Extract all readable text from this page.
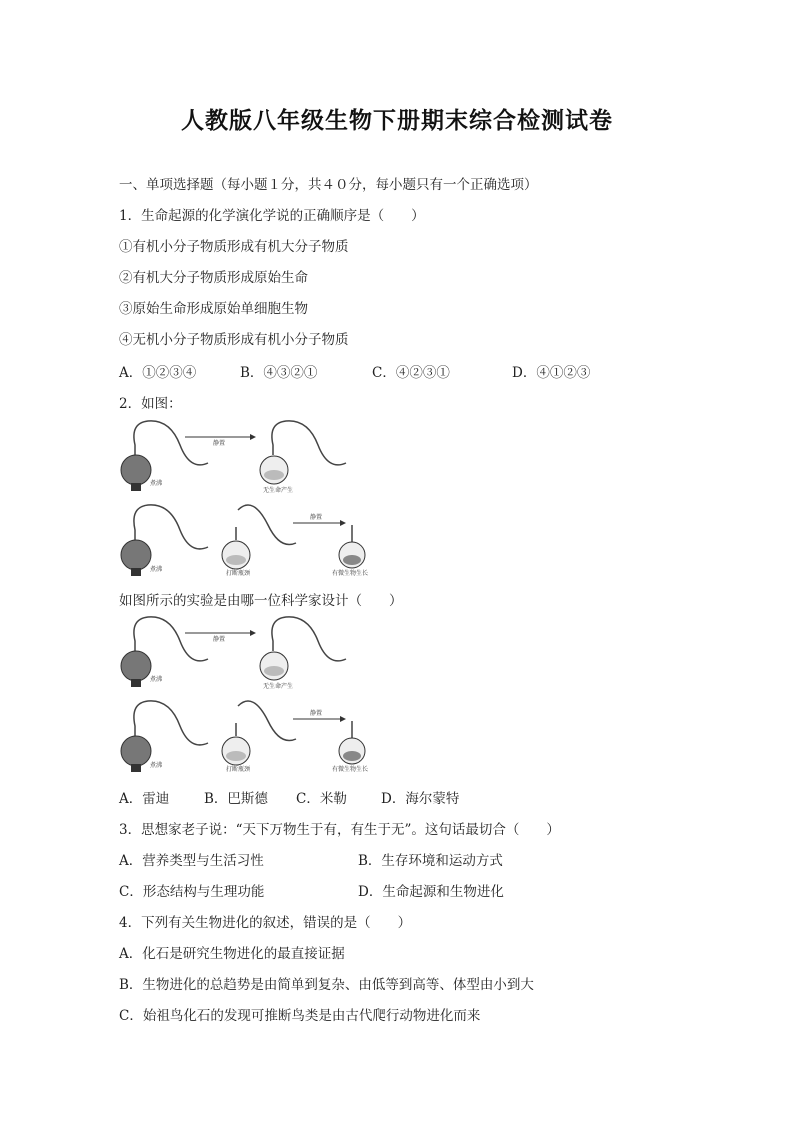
人教版八年级生物下册期末综合检测试卷
一、单项选择题（每小题１分，共４０分，每小题只有一个正确选项）
1．生命起源的化学演化学说的正确顺序是（　　）
①有机小分子物质形成有机大分子物质
②有机大分子物质形成原始生命
③原始生命形成原始单细胞生物
④无机小分子物质形成有机小分子物质
A．①②③④	B．④③②①	C．④②③①	D．④①②③
2．如图：
煮沸
静置
无生命产生
煮沸
打断瓶颈
静置
有微生物生长
如图所示的实验是由哪一位科学家设计（　　）
煮沸
静置
无生命产生
煮沸
打断瓶颈
静置
有微生物生长
A．雷迪	B．巴斯德 C．米勒	D．海尔蒙特
3．思想家老子说：“天下万物生于有，有生于无”。这句话最切合（　　）
A．营养类型与生活习性	B．生存环境和运动方式
C．形态结构与生理功能	D．生命起源和生物进化
4．下列有关生物进化的叙述，错误的是（　　）
A．化石是研究生物进化的最直接证据
B．生物进化的总趋势是由简单到复杂、由低等到高等、体型由小到大
C．始祖鸟化石的发现可推断鸟类是由古代爬行动物进化而来
